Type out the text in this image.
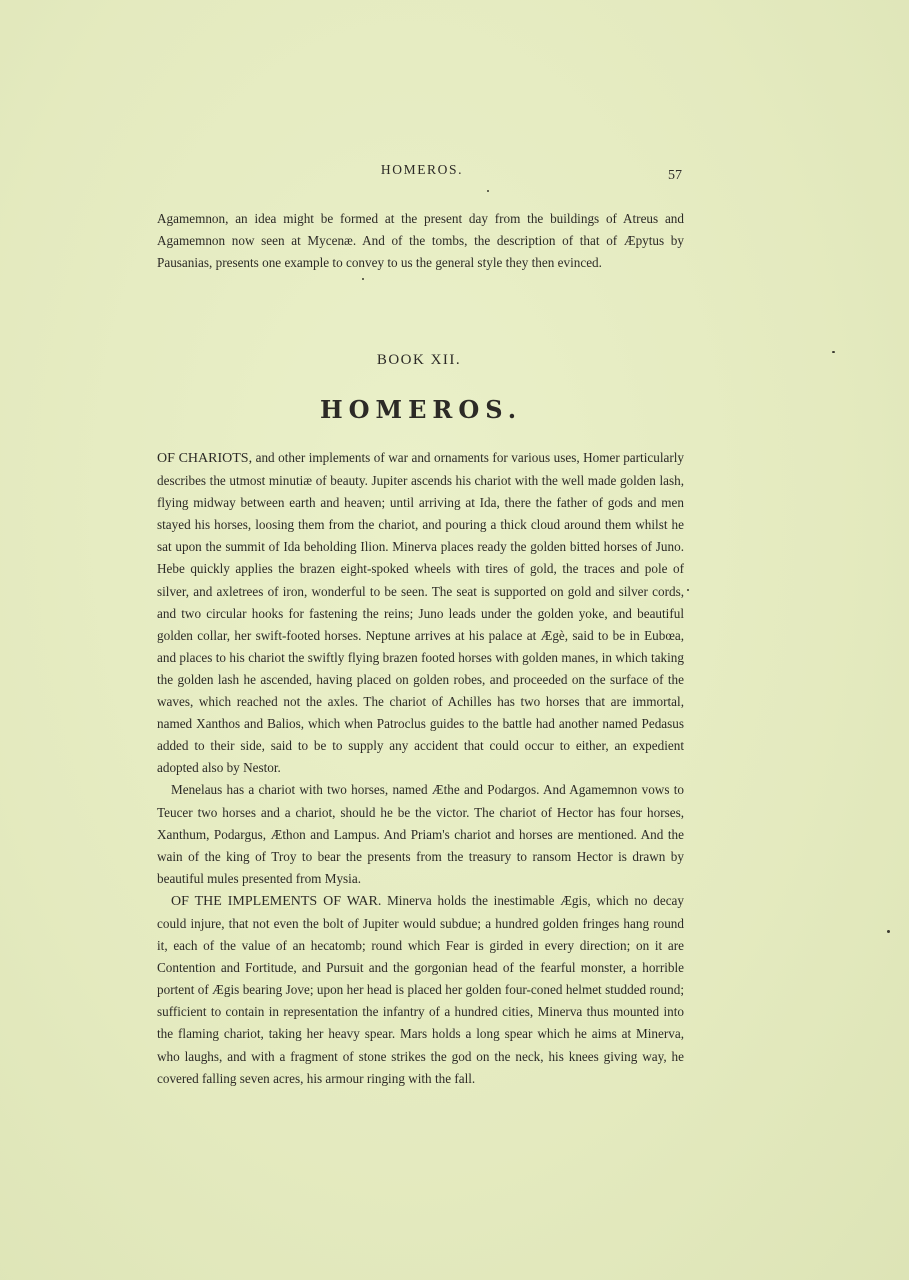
HOMEROS.	57

Agamemnon, an idea might be formed at the present day from the buildings of Atreus and Agamemnon now seen at Mycenæ. And of the tombs, the description of that of Æpytus by Pausanias, presents one example to convey to us the general style they then evinced.

BOOK XII.
HOMEROS.

OF CHARIOTS, and other implements of war and ornaments for various uses, Homer particularly describes the utmost minutiæ of beauty. Jupiter ascends his chariot with the well made golden lash, flying midway between earth and heaven; until arriving at Ida, there the father of gods and men stayed his horses, loosing them from the chariot, and pouring a thick cloud around them whilst he sat upon the summit of Ida beholding Ilion. Minerva places ready the golden bitted horses of Juno. Hebe quickly applies the brazen eight-spoked wheels with tires of gold, the traces and pole of silver, and axletrees of iron, wonderful to be seen. The seat is supported on gold and silver cords, and two circular hooks for fastening the reins; Juno leads under the golden yoke, and beautiful golden collar, her swift-footed horses. Neptune arrives at his palace at Ægè, said to be in Eubœa, and places to his chariot the swiftly flying brazen footed horses with golden manes, in which taking the golden lash he ascended, having placed on golden robes, and proceeded on the surface of the waves, which reached not the axles. The chariot of Achilles has two horses that are immortal, named Xanthos and Balios, which when Patroclus guides to the battle had another named Pedasus added to their side, said to be to supply any accident that could occur to either, an expedient adopted also by Nestor.

Menelaus has a chariot with two horses, named Æthe and Podargos. And Agamemnon vows to Teucer two horses and a chariot, should he be the victor. The chariot of Hector has four horses, Xanthum, Podargus, Æthon and Lampus. And Priam's chariot and horses are mentioned. And the wain of the king of Troy to bear the presents from the treasury to ransom Hector is drawn by beautiful mules presented from Mysia.

OF THE IMPLEMENTS OF WAR. Minerva holds the inestimable Ægis, which no decay could injure, that not even the bolt of Jupiter would subdue; a hundred golden fringes hang round it, each of the value of an hecatomb; round which Fear is girded in every direction; on it are Contention and Fortitude, and Pursuit and the gorgonian head of the fearful monster, a horrible portent of Ægis bearing Jove; upon her head is placed her golden four-coned helmet studded round; sufficient to contain in representation the infantry of a hundred cities, Minerva thus mounted into the flaming chariot, taking her heavy spear. Mars holds a long spear which he aims at Minerva, who laughs, and with a fragment of stone strikes the god on the neck, his knees giving way, he covered falling seven acres, his armour ringing with the fall.
